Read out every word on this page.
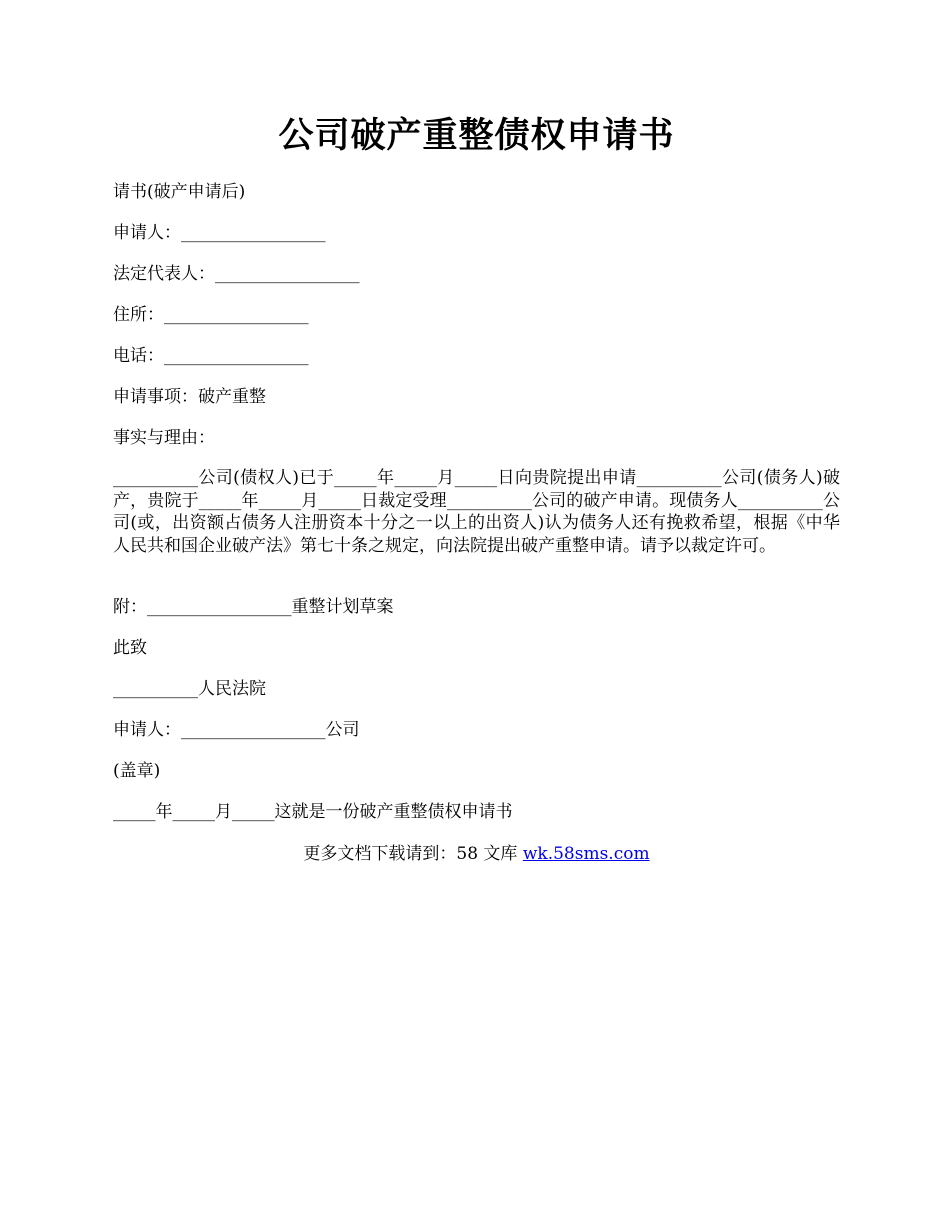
公司破产重整债权申请书

请书(破产申请后)

申请人：_________________

法定代表人：_________________

住所：_________________

电话：_________________

申请事项：破产重整

事实与理由：

__________公司(债权人)已于_____年_____月_____日向贵院提出申请__________公司(债务人)破产，贵院于_____年_____月_____日裁定受理__________公司的破产申请。现债务人__________公司(或，出资额占债务人注册资本十分之一以上的出资人)认为债务人还有挽救希望，根据《中华人民共和国企业破产法》第七十条之规定，向法院提出破产重整申请。请予以裁定许可。

附：_________________重整计划草案

此致

__________人民法院

申请人：_________________公司

(盖章)

_____年_____月_____这就是一份破产重整债权申请书

更多文档下载请到：58 文库 wk.58sms.com
